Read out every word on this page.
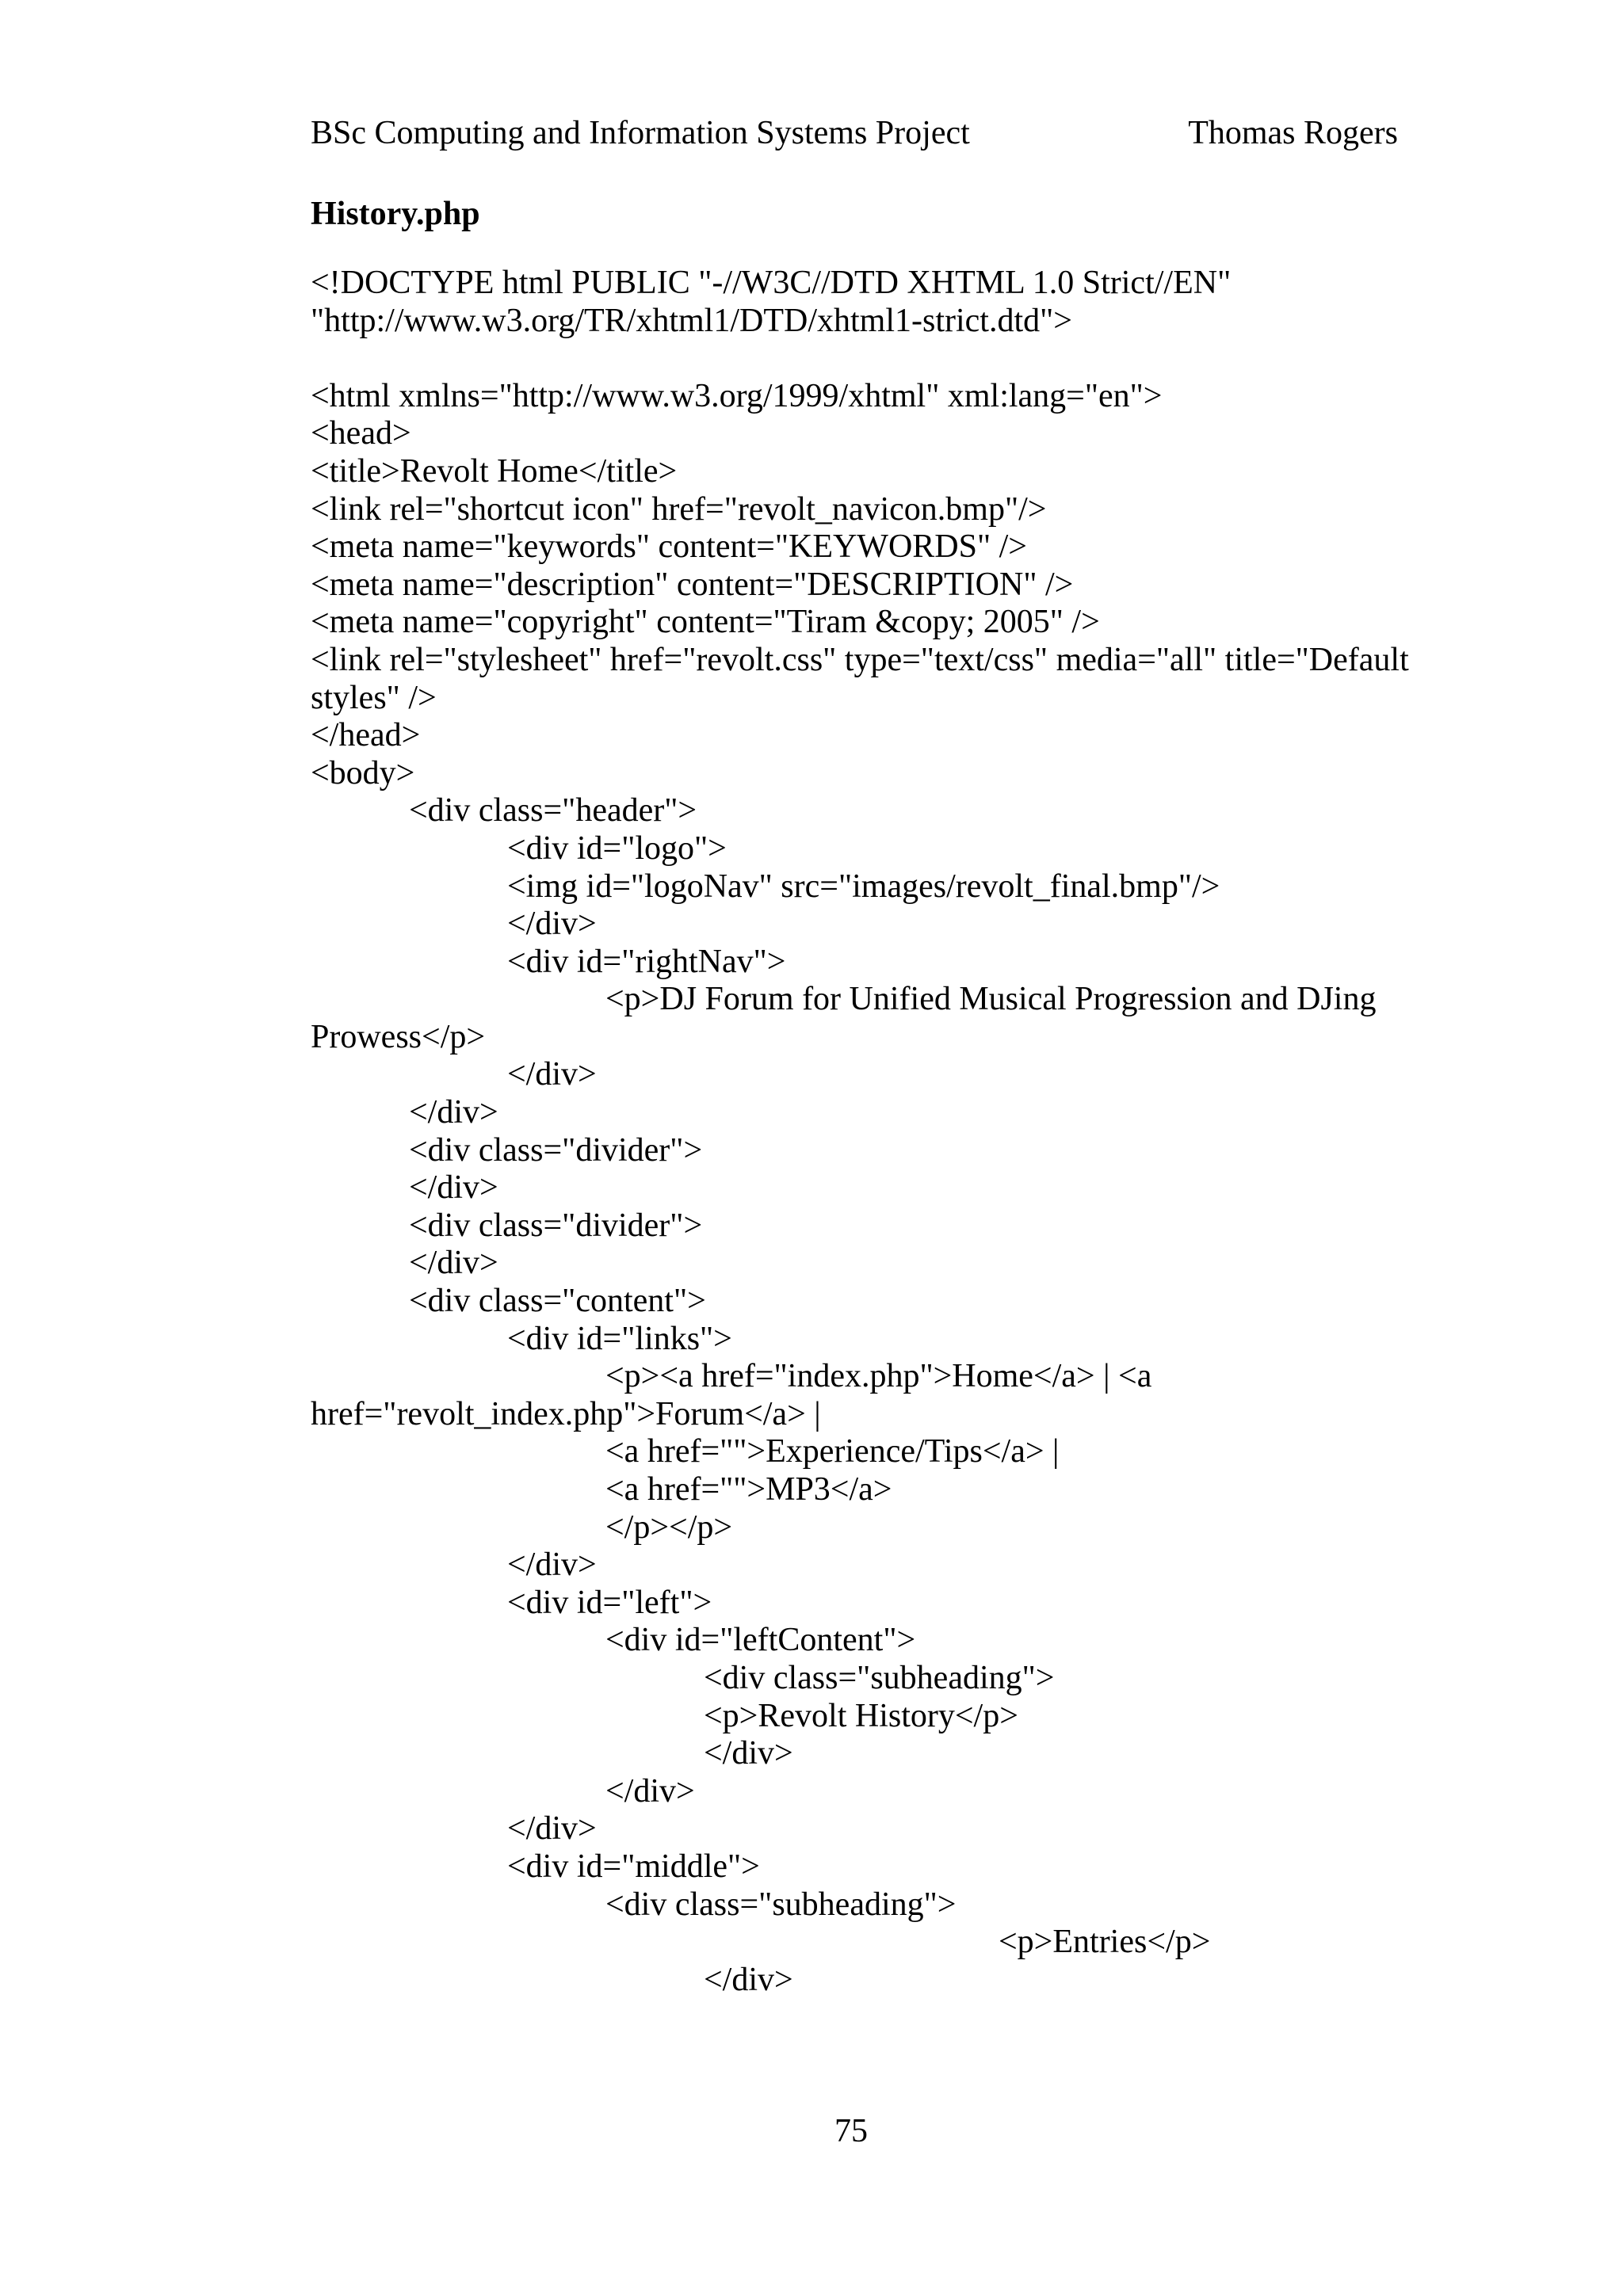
BSc Computing and Information Systems Project	Thomas Rogers
History.php
<!DOCTYPE html PUBLIC "-//W3C//DTD XHTML 1.0 Strict//EN"
"http://www.w3.org/TR/xhtml1/DTD/xhtml1-strict.dtd">
<html xmlns="http://www.w3.org/1999/xhtml" xml:lang="en">
<head>
<title>Revolt Home</title>
<link rel="shortcut icon" href="revolt_navicon.bmp"/>
<meta name="keywords" content="KEYWORDS" />
<meta name="description" content="DESCRIPTION" />
<meta name="copyright" content="Tiram &copy; 2005" />
<link rel="stylesheet" href="revolt.css" type="text/css" media="all" title="Default
styles" />
</head>
<body>
<div class="header">
<div id="logo">
<img id="logoNav" src="images/revolt_final.bmp"/>
</div>
<div id="rightNav">
<p>DJ Forum for Unified Musical Progression and DJing
Prowess</p>
</div>
</div>
<div class="divider">
</div>
<div class="divider">
</div>
<div class="content">
<div id="links">
<p><a href="index.php">Home</a> | <a
href="revolt_index.php">Forum</a> |
<a href="">Experience/Tips</a> |
<a href="">MP3</a>
</p></p>
</div>
<div id="left">
<div id="leftContent">
<div class="subheading">
<p>Revolt History</p>
</div>
</div>
</div>
<div id="middle">
<div class="subheading">
<p>Entries</p>
</div>
75
